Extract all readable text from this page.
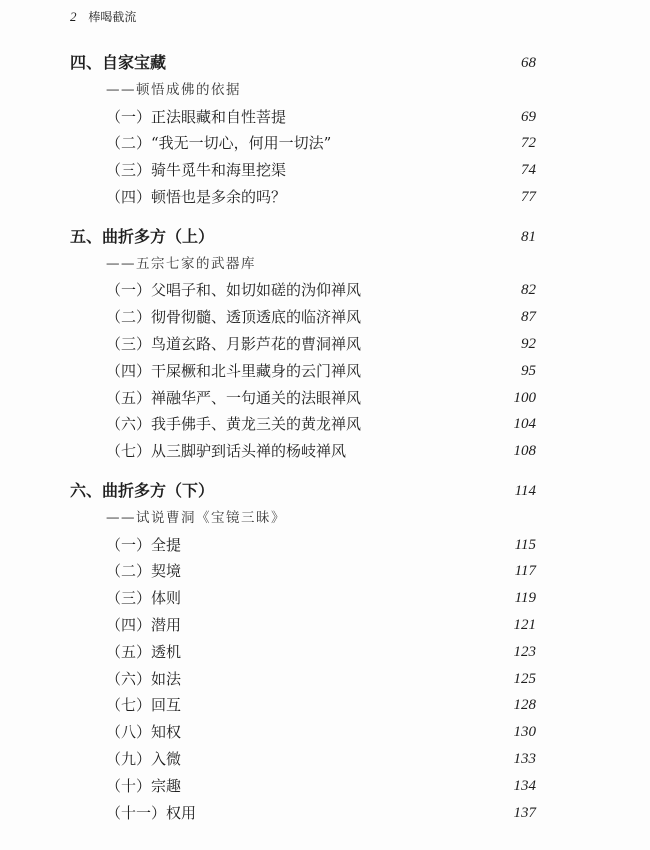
2 棒喝截流
四、自家宝藏	68
——顿悟成佛的依据
（一）正法眼藏和自性菩提	69
（二）“我无一切心，何用一切法”	72
（三）骑牛觅牛和海里挖渠	74
（四）顿悟也是多余的吗？	77
五、曲折多方（上）	81
——五宗七家的武器库
（一）父唱子和、如切如磋的沩仰禅风	82
（二）彻骨彻髓、透顶透底的临济禅风	87
（三）鸟道玄路、月影芦花的曹洞禅风	92
（四）干屎橛和北斗里藏身的云门禅风	95
（五）禅融华严、一句通关的法眼禅风	100
（六）我手佛手、黄龙三关的黄龙禅风	104
（七）从三脚驴到话头禅的杨岐禅风	108
六、曲折多方（下）	114
——试说曹洞《宝镜三昧》
（一）全提	115
（二）契境	117
（三）体则	119
（四）潜用	121
（五）透机	123
（六）如法	125
（七）回互	128
（八）知权	130
（九）入微	133
（十）宗趣	134
（十一）权用	137
